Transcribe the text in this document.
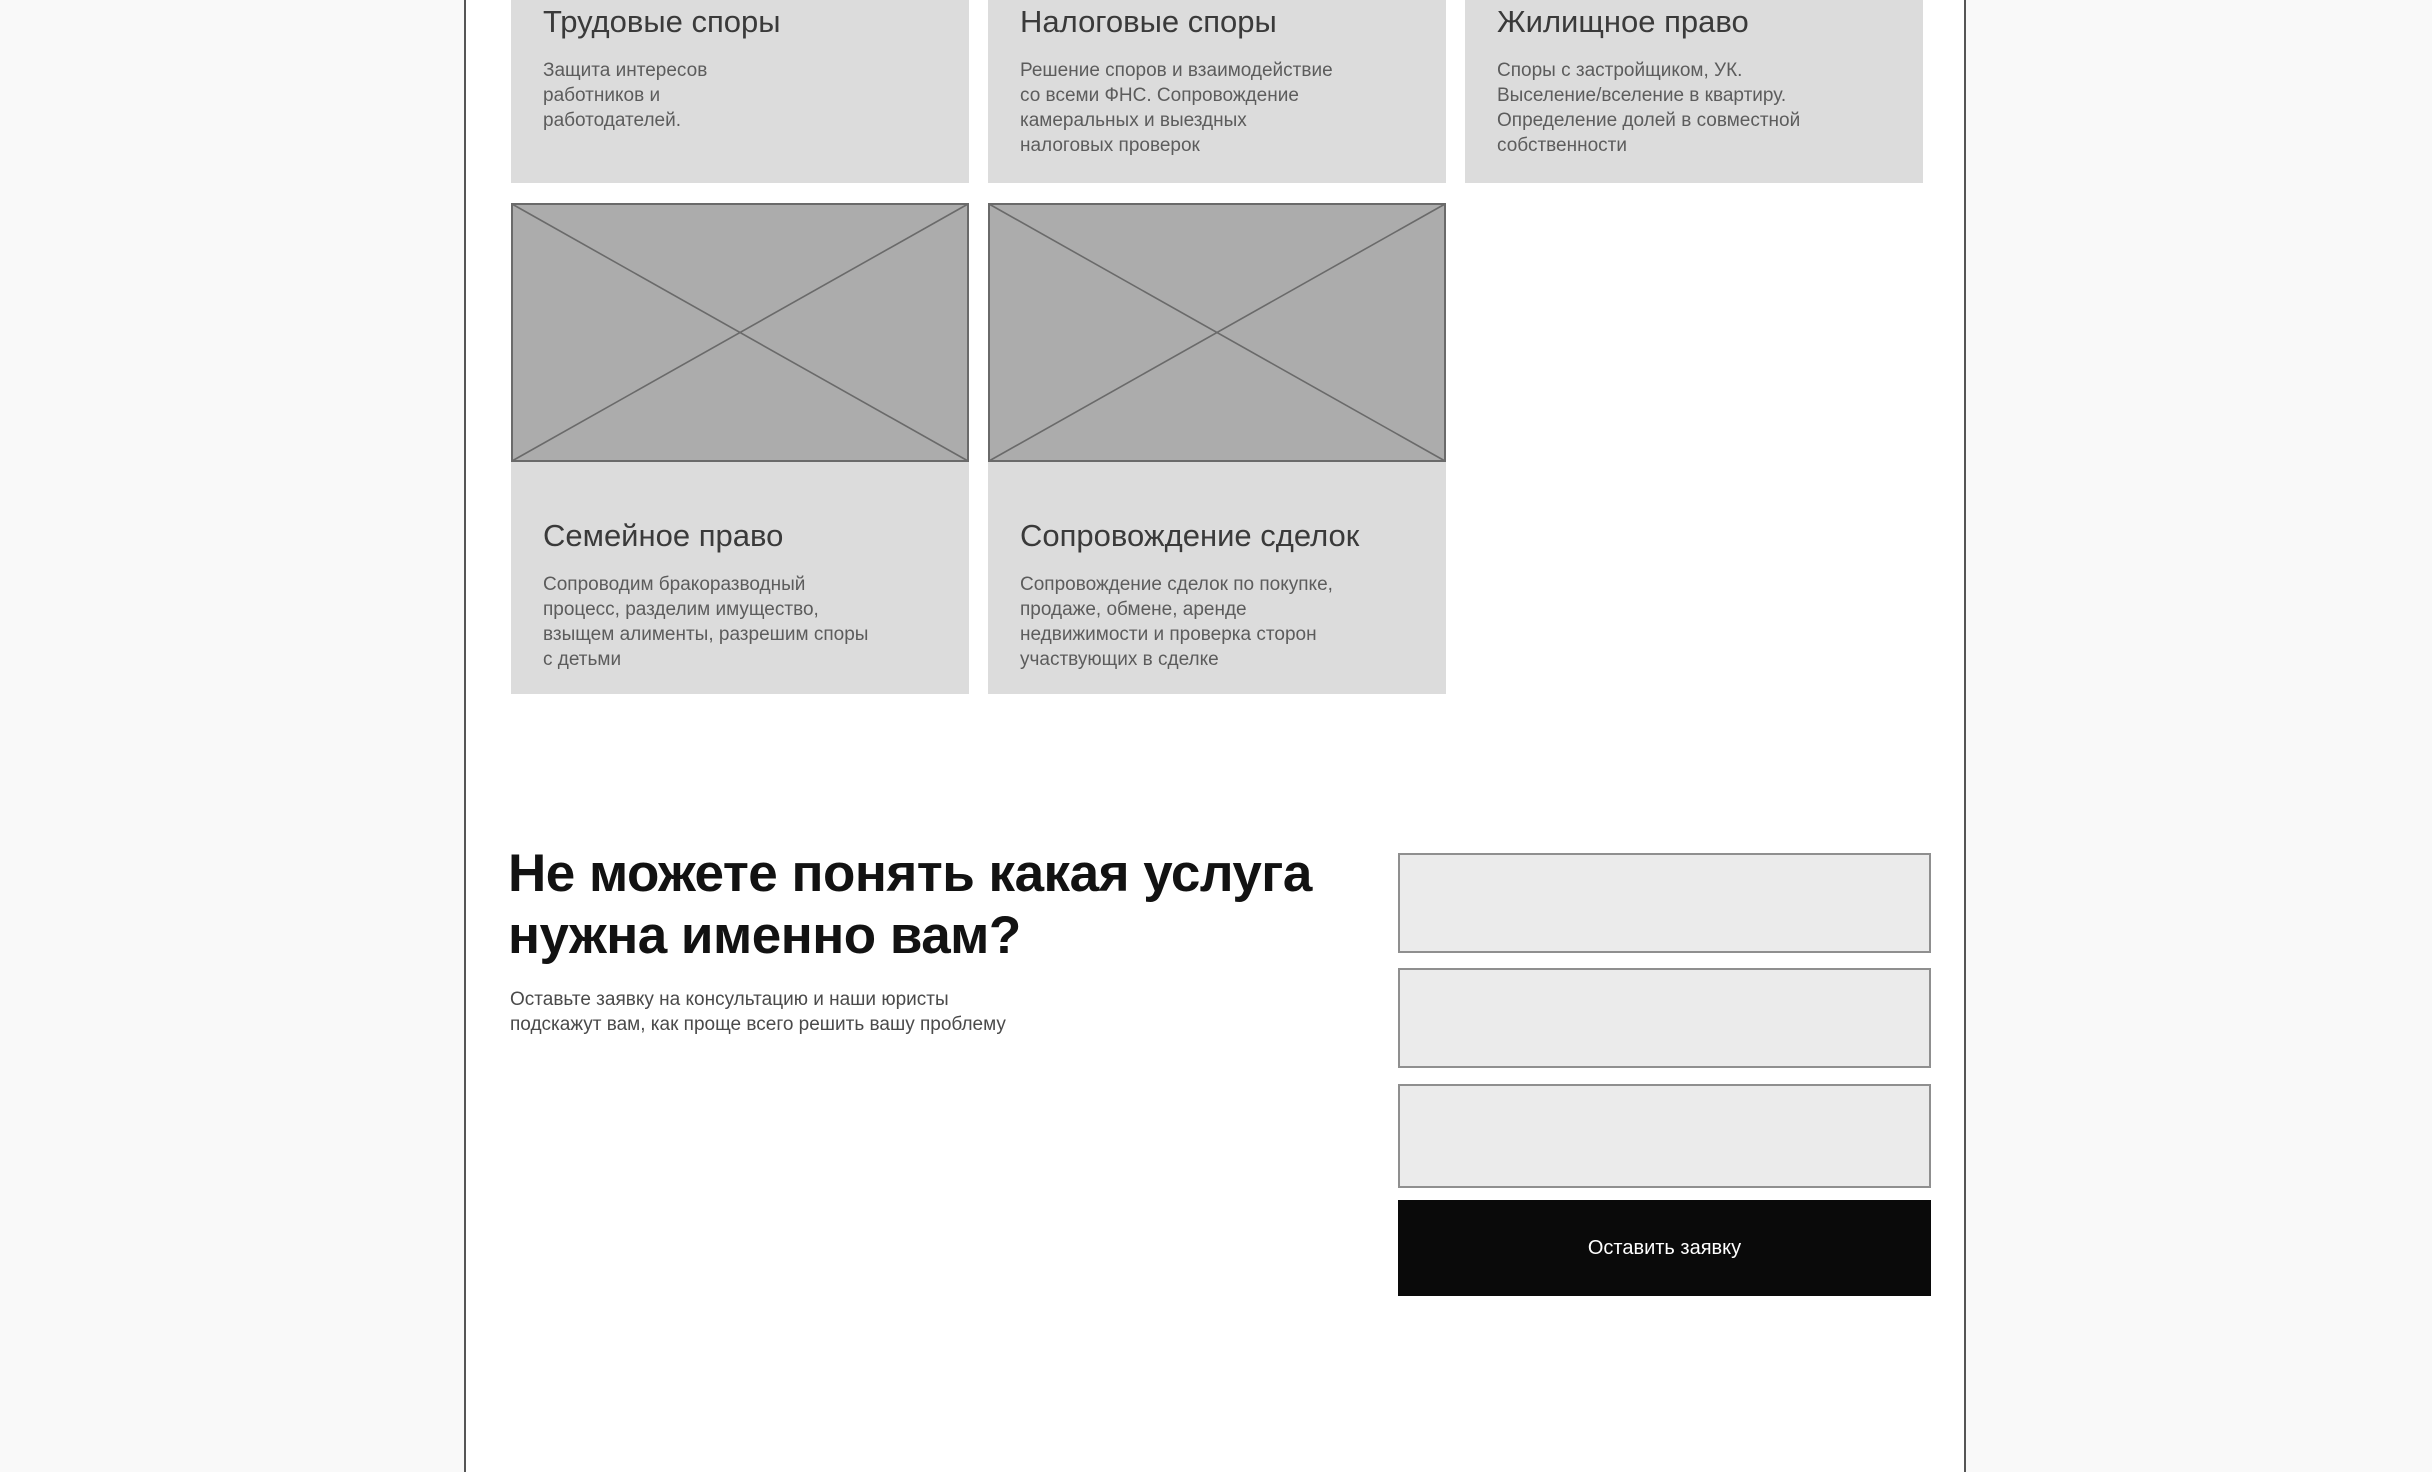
Трудовые споры
Защита интересов
работников и
работодателей.
Налоговые споры
Решение споров и взаимодействие
со всеми ФНС. Сопровождение
камеральных и выездных
налоговых проверок
Жилищное право
Споры с застройщиком, УК.
Выселение/вселение в квартиру.
Определение долей в совместной
собственности
Семейное право
Сопроводим бракоразводный
процесс, разделим имущество,
взыщем алименты, разрешим споры
с детьми
Сопровождение сделок
Сопровождение сделок по покупке,
продаже, обмене, аренде
недвижимости и проверка сторон
участвующих в сделке
Не можете понять какая услуга
нужна именно вам?
Оставьте заявку на консультацию и наши юристы
подскажут вам, как проще всего решить вашу проблему
Оставить заявку
